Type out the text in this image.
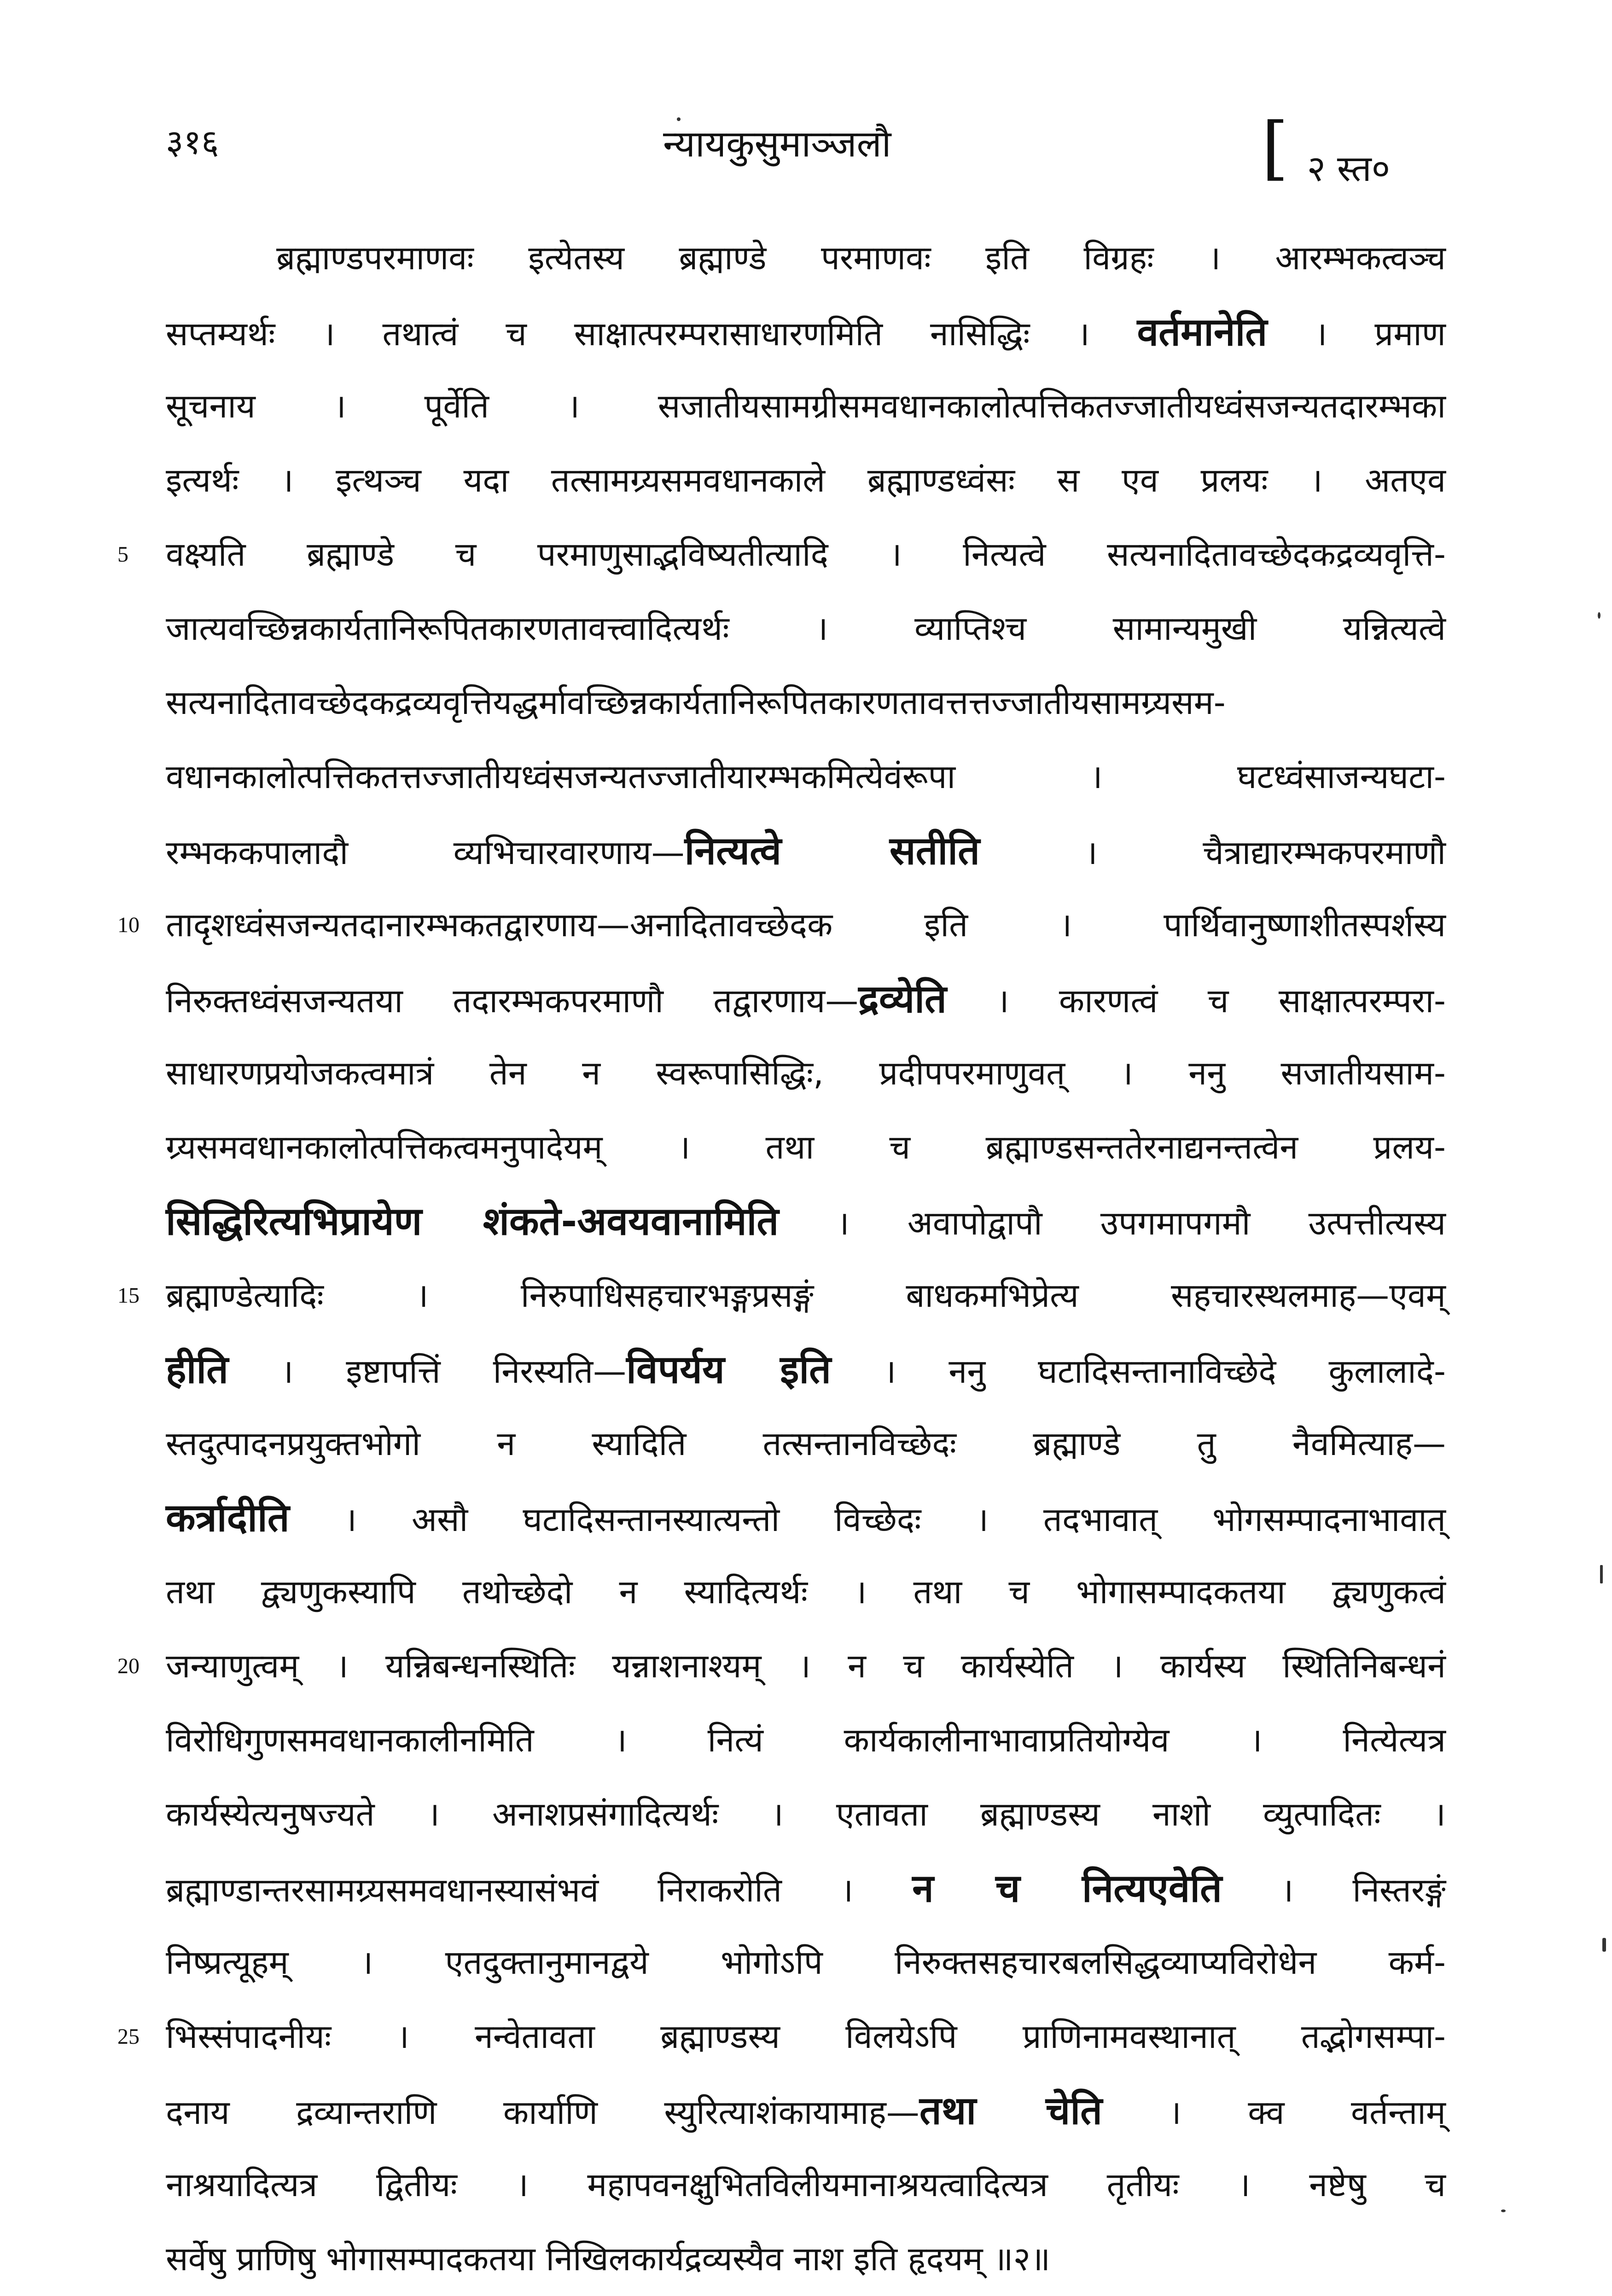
३१६	न्यायकुसुमाञ्जलौ	[ २ स्त०
ब्रह्माण्डपरमाणवः इत्येतस्य ब्रह्माण्डे परमाणवः इति विग्रहः । आरम्भकत्वञ्च
सप्तम्यर्थः । तथात्वं च साक्षात्परम्परासाधारणमिति नासिद्धिः । वर्तमानेति । प्रमाण
सूचनाय । पूर्वेति । सजातीयसामग्रीसमवधानकालोत्पत्तिकतज्जातीयध्वंसजन्यतदारम्भका
इत्यर्थः । इत्थञ्च यदा तत्सामग्र्यसमवधानकाले ब्रह्माण्डध्वंसः स एव प्रलयः । अतएव
5	वक्ष्यति ब्रह्माण्डे च परमाणुसाद्भविष्यतीत्यादि । नित्यत्वे सत्यनादितावच्छेदकद्रव्यवृत्ति-
जात्यवच्छिन्नकार्यतानिरूपितकारणतावत्त्वादित्यर्थः । व्याप्तिश्च सामान्यमुखी यन्नित्यत्वे
सत्यनादितावच्छेदकद्रव्यवृत्तियद्धर्मावच्छिन्नकार्यतानिरूपितकारणतावत्तत्तज्जातीयसामग्र्यसम-
वधानकालोत्पत्तिकतत्तज्जातीयध्वंसजन्यतज्जातीयारम्भकमित्येवंरूपा । घटध्वंसाजन्यघटा-
रम्भककपालादौ व्यभिचारवारणाय—नित्यत्वे सतीति । चैत्राद्यारम्भकपरमाणौ
10 तादृशध्वंसजन्यतदानारम्भकतद्वारणाय—अनादितावच्छेदक इति । पार्थिवानुष्णाशीतस्पर्शस्य
निरुक्तध्वंसजन्यतया तदारम्भकपरमाणौ तद्वारणाय—द्रव्येति । कारणत्वं च साक्षात्परम्परा-
साधारणप्रयोजकत्वमात्रं तेन न स्वरूपासिद्धिः, प्रदीपपरमाणुवत् । ननु सजातीयसाम-
ग्र्यसमवधानकालोत्पत्तिकत्वमनुपादेयम् । तथा च ब्रह्माण्डसन्ततेरनाद्यनन्तत्वेन प्रलय-
सिद्धिरित्यभिप्रायेण शंकते-अवयवानामिति । अवापोद्वापौ उपगमापगमौ उत्पत्तीत्यस्य
15 ब्रह्माण्डेत्यादिः । निरुपाधिसहचारभङ्गप्रसङ्गं बाधकमभिप्रेत्य सहचारस्थलमाह—एवम्
हीति । इष्टापत्तिं निरस्यति—विपर्यय इति । ननु घटादिसन्तानाविच्छेदे कुलालादे-
स्तदुत्पादनप्रयुक्तभोगो न स्यादिति तत्सन्तानविच्छेदः ब्रह्माण्डे तु नैवमित्याह—
कर्त्रादीति । असौ घटादिसन्तानस्यात्यन्तो विच्छेदः । तदभावात् भोगसम्पादनाभावात्
तथा द्व्यणुकस्यापि तथोच्छेदो न स्यादित्यर्थः । तथा च भोगासम्पादकतया द्व्यणुकत्वं
20 जन्याणुत्वम् । यन्निबन्धनस्थितिः यन्नाशनाश्यम् । न च कार्यस्येति । कार्यस्य स्थितिनिबन्धनं
विरोधिगुणसमवधानकालीनमिति । नित्यं कार्यकालीनाभावाप्रतियोग्येव । नित्येत्यत्र
कार्यस्येत्यनुषज्यते । अनाशप्रसंगादित्यर्थः । एतावता ब्रह्माण्डस्य नाशो व्युत्पादितः ।
ब्रह्माण्डान्तरसामग्र्यसमवधानस्यासंभवं निराकरोति । न च नित्यएवेति । निस्तरङ्गं
निष्प्रत्यूहम् । एतदुक्तानुमानद्वये भोगोऽपि निरुक्तसहचारबलसिद्धव्याप्यविरोधेन कर्म-
25 भिस्संपादनीयः । नन्वेतावता ब्रह्माण्डस्य विलयेऽपि प्राणिनामवस्थानात् तद्भोगसम्पा-
दनाय द्रव्यान्तराणि कार्याणि स्युरित्याशंकायामाह—तथा चेति । क्व वर्तन्ताम्
नाश्रयादित्यत्र द्वितीयः । महापवनक्षुभितविलीयमानाश्रयत्वादित्यत्र तृतीयः । नष्टेषु च
सर्वेषु प्राणिषु भोगासम्पादकतया निखिलकार्यद्रव्यस्यैव नाश इति हृदयम् ॥२॥
